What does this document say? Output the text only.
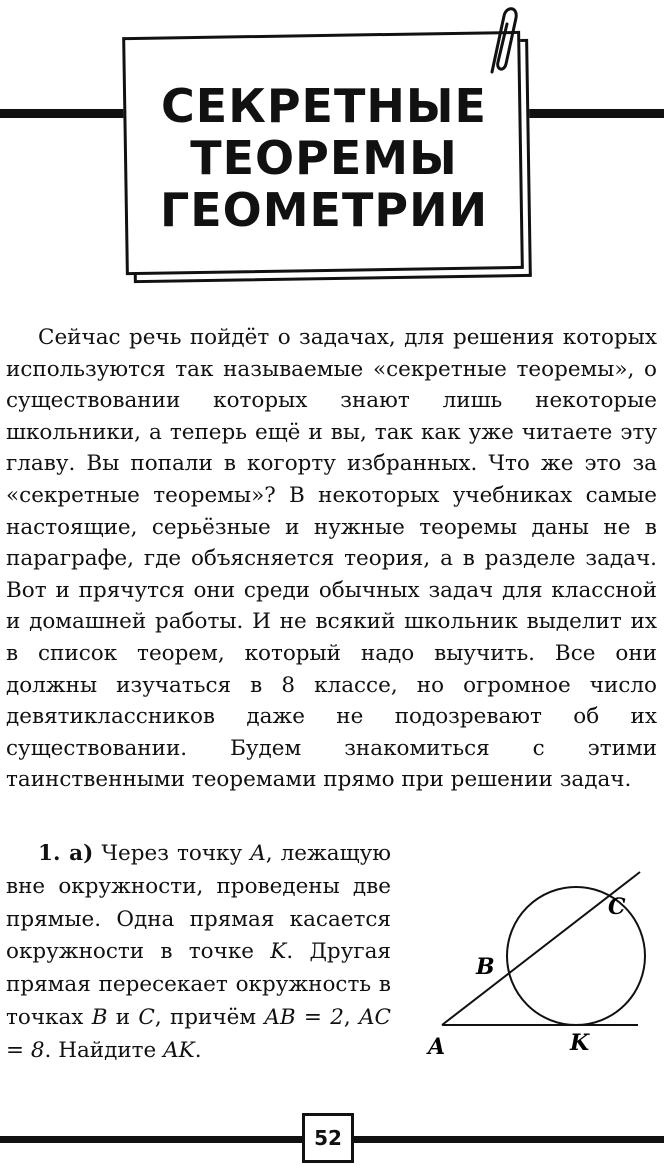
СЕКРЕТНЫЕ
ТЕОРЕМЫ
ГЕОМЕТРИИ

Сейчас речь пойдёт о задачах, для решения которых используются так называемые «секретные теоремы», о существовании которых знают лишь некоторые школьники, а теперь ещё и вы, так как уже читаете эту главу. Вы попали в когорту избранных. Что же это за «секретные теоремы»? В некоторых учебниках самые настоящие, серьёзные и нужные теоремы даны не в параграфе, где объясняется теория, а в разделе задач. Вот и прячутся они среди обычных задач для классной и домашней работы. И не всякий школьник выделит их в список теорем, который надо выучить. Все они должны изучаться в 8 классе, но огромное число девятиклассников даже не подозревают об их существовании. Будем знакомиться с этими таинственными теоремами прямо при решении задач.

1. а) Через точку A, лежащую вне окружности, проведены две прямые. Одна прямая касается окружности в точке K. Другая прямая пересекает окружность в точках B и C, причём AB = 2, AC = 8. Найдите AK.	A
B
C
K
52
